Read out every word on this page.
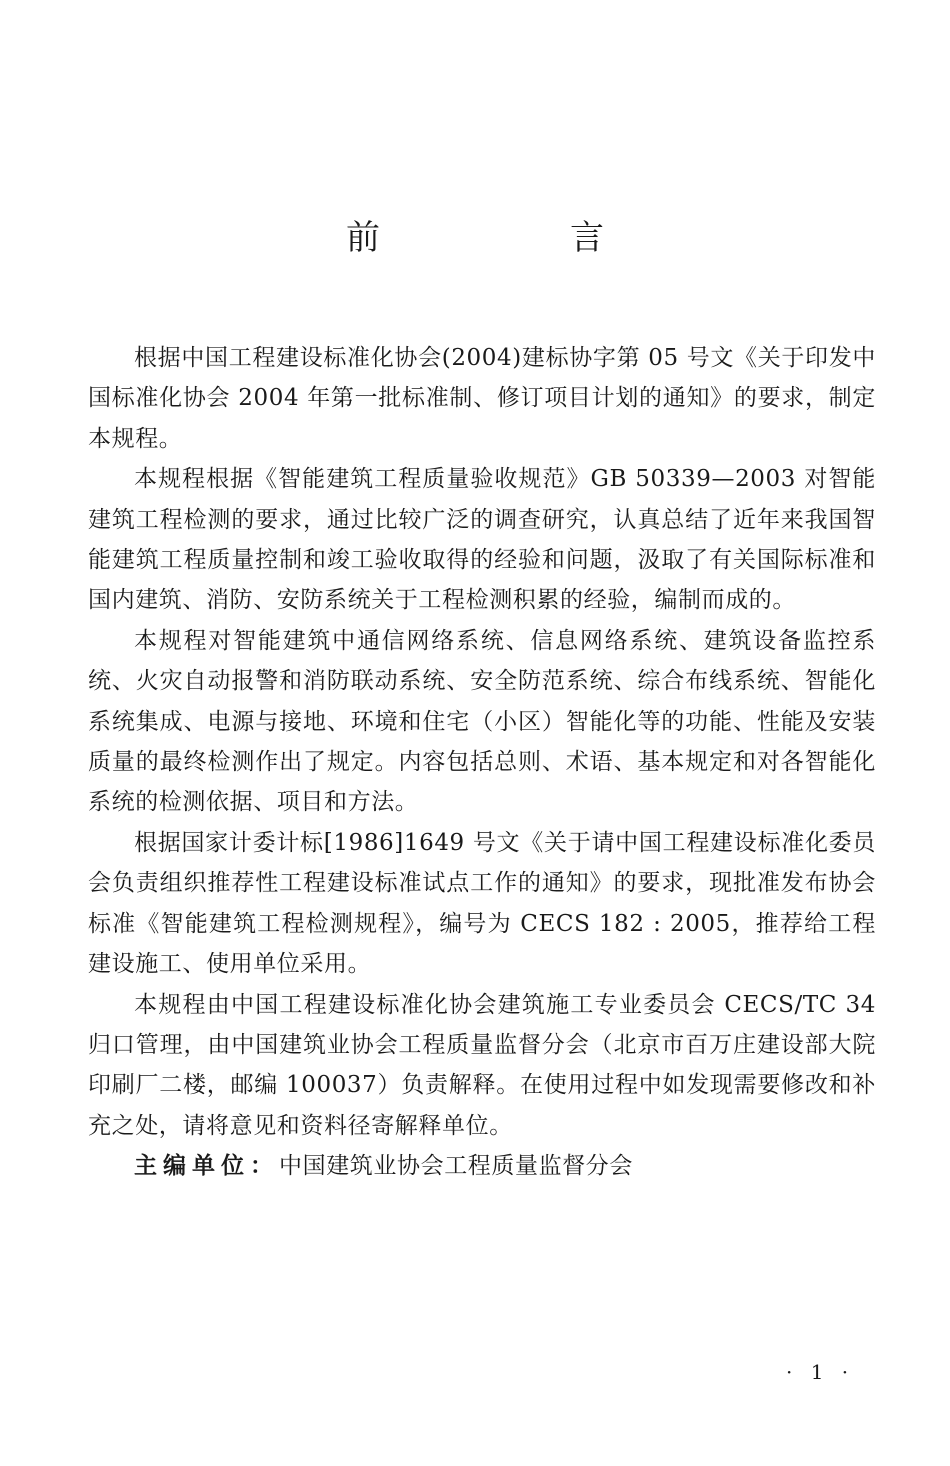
前　言

根据中国工程建设标准化协会(2004)建标协字第 05 号文《关于印发中国标准化协会 2004 年第一批标准制、修订项目计划的通知》的要求，制定本规程。

本规程根据《智能建筑工程质量验收规范》GB 50339—2003 对智能建筑工程检测的要求，通过比较广泛的调查研究，认真总结了近年来我国智能建筑工程质量控制和竣工验收取得的经验和问题，汲取了有关国际标准和国内建筑、消防、安防系统关于工程检测积累的经验，编制而成的。

本规程对智能建筑中通信网络系统、信息网络系统、建筑设备监控系统、火灾自动报警和消防联动系统、安全防范系统、综合布线系统、智能化系统集成、电源与接地、环境和住宅（小区）智能化等的功能、性能及安装质量的最终检测作出了规定。内容包括总则、术语、基本规定和对各智能化系统的检测依据、项目和方法。

根据国家计委计标[1986]1649 号文《关于请中国工程建设标准化委员会负责组织推荐性工程建设标准试点工作的通知》的要求，现批准发布协会标准《智能建筑工程检测规程》，编号为 CECS 182 : 2005，推荐给工程建设施工、使用单位采用。

本规程由中国工程建设标准化协会建筑施工专业委员会 CECS/TC 34 归口管理，由中国建筑业协会工程质量监督分会（北京市百万庄建设部大院印刷厂二楼，邮编 100037）负责解释。在使用过程中如发现需要修改和补充之处，请将意见和资料径寄解释单位。

主编单位：中国建筑业协会工程质量监督分会
· 1 ·
